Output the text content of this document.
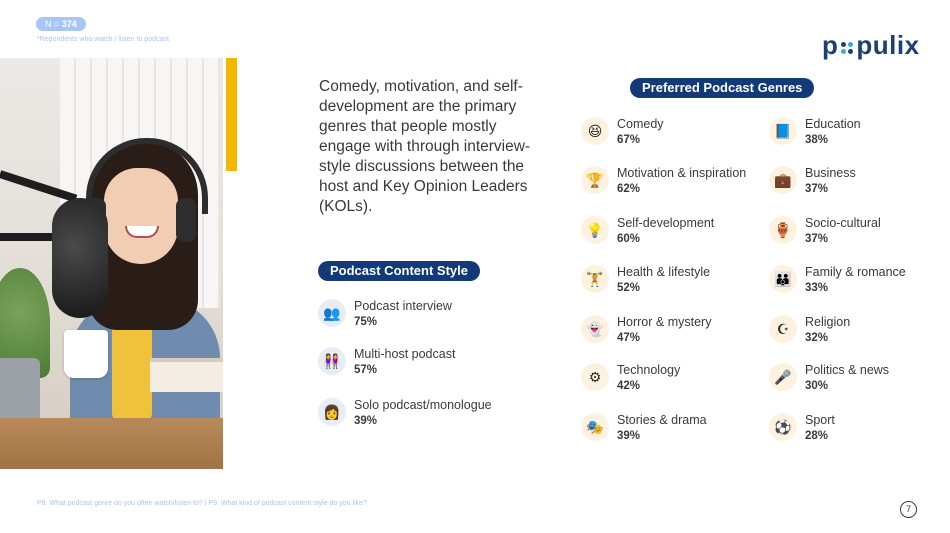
N = 374
*Repondents who watch / listen to podcast	p pulix
Comedy, motivation, and self-development are the primary genres that people mostly engage with through interview-style discussions between the host and Key Opinion Leaders (KOLs).
Podcast Content Style
👥	Podcast interview
75%
👭	Multi-host podcast
57%
👩	Solo podcast/monologue
39%
Preferred Podcast Genres
😆	Comedy
67%
🏆	Motivation & inspiration
62%
💡	Self-development
60%
🏋	Health & lifestyle
52%
👻	Horror & mystery
47%
⚙	Technology
42%
🎭	Stories & drama
39%
📘	Education
38%
💼	Business
37%
🏺	Socio-cultural
37%
👪	Family & romance
33%
☪	Religion
32%
🎤	Politics & news
30%
⚽	Sport
28%
P8. What podcast genre do you often watch/listen to? | P9. What kind of podcast content style do you like?
7
